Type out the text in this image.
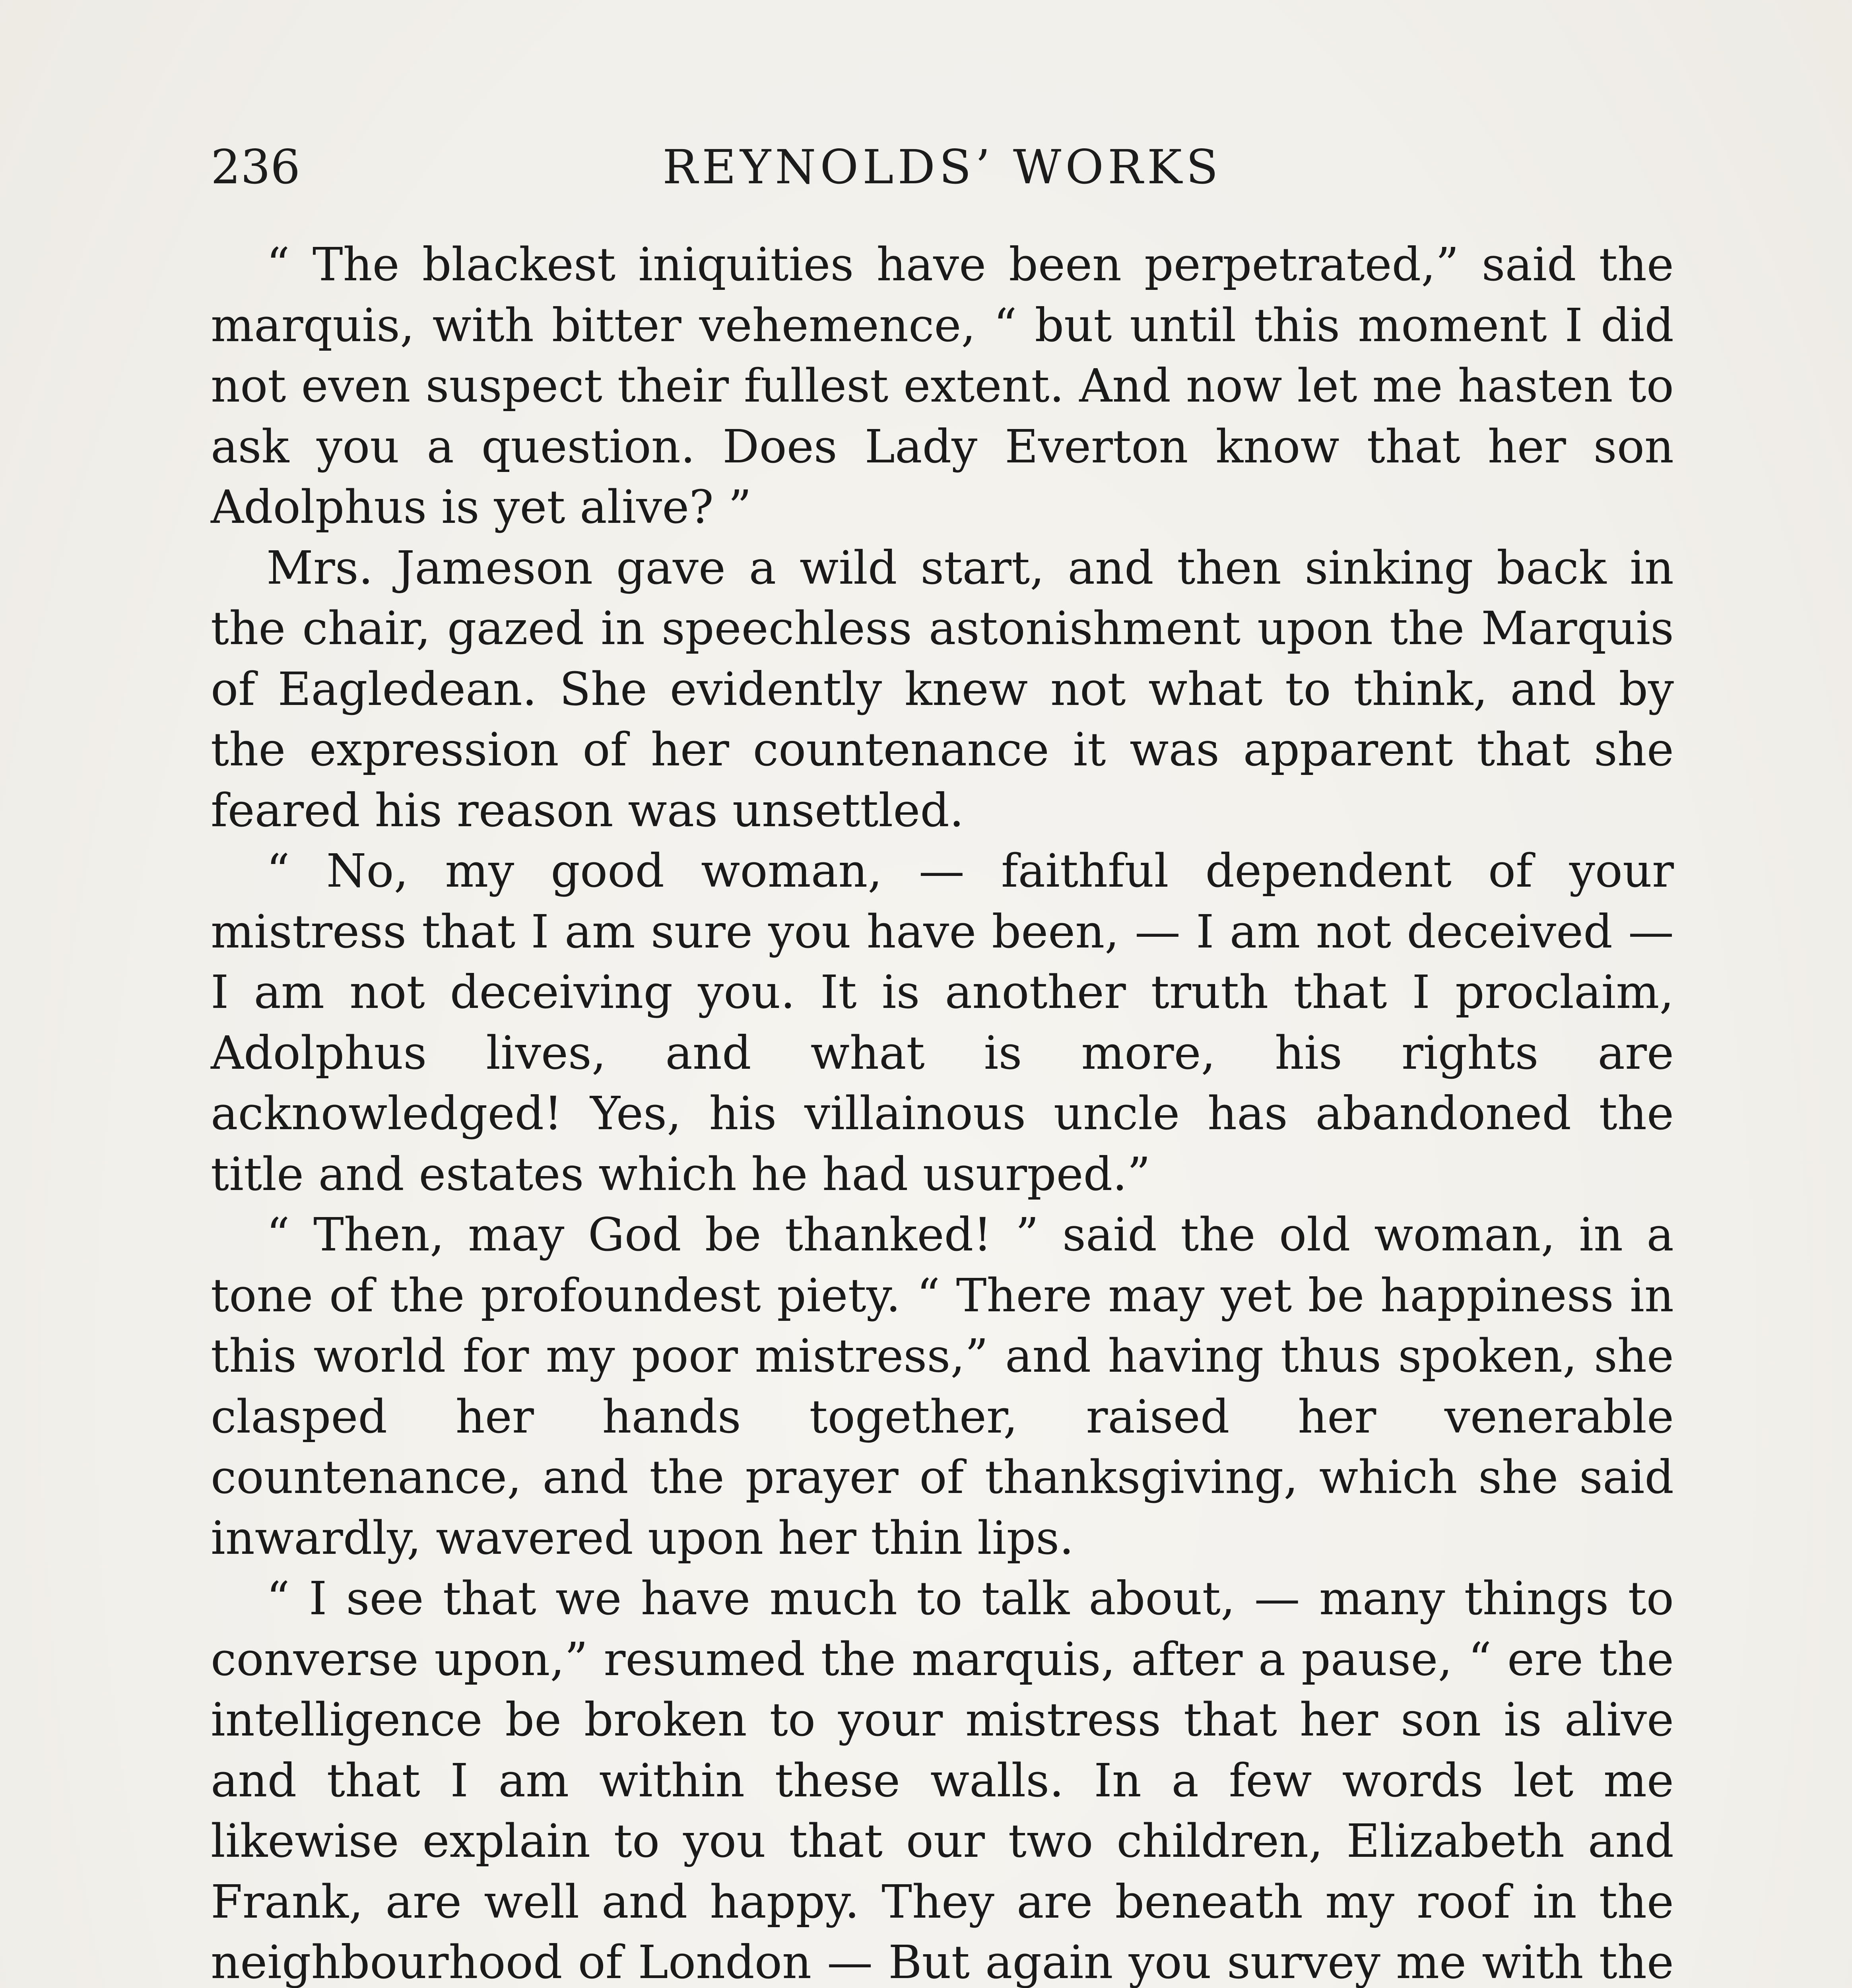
236	REYNOLDS’ WORKS

“ The blackest iniquities have been perpetrated,” said the marquis, with bitter vehemence, “ but until this moment I did not even suspect their fullest extent. And now let me hasten to ask you a question. Does Lady Everton know that her son Adolphus is yet alive? ”

Mrs. Jameson gave a wild start, and then sinking back in the chair, gazed in speechless astonishment upon the Marquis of Eagledean. She evidently knew not what to think, and by the expression of her countenance it was apparent that she feared his reason was unsettled.

“ No, my good woman, — faithful dependent of your mistress that I am sure you have been, — I am not deceived — I am not deceiving you. It is another truth that I proclaim, Adolphus lives, and what is more, his rights are acknowledged! Yes, his villainous uncle has abandoned the title and estates which he had usurped.”

“ Then, may God be thanked! ” said the old woman, in a tone of the profoundest piety. “ There may yet be happiness in this world for my poor mistress,” and having thus spoken, she clasped her hands together, raised her venerable countenance, and the prayer of thanksgiving, which she said inwardly, wavered upon her thin lips.

“ I see that we have much to talk about, — many things to converse upon,” resumed the marquis, after a pause, “ ere the intelligence be broken to your mistress that her son is alive and that I am within these walls. In a few words let me likewise explain to you that our two children, Elizabeth and Frank, are well and happy. They are beneath my roof in the neighbourhood of London — But again you survey me with the
